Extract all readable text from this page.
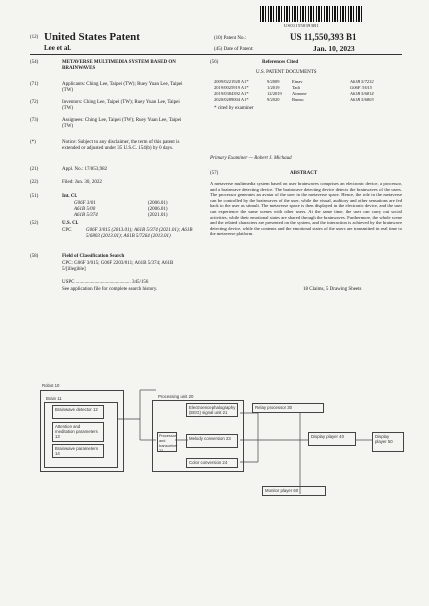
US011550393B1
(12) United States Patent
Lee et al.
(10) Patent No.:	US 11,550,393 B1
(45) Date of Patent:	Jan. 10, 2023
(54)	METAVERSE MULTIMEDIA SYSTEM BASED ON BRAINWAVES
(71)	Applicants: Ching Lee, Taipei (TW); Ruey Yuan Lee, Taipei (TW)
(72)	Inventors: Ching Lee, Taipei (TW); Ruey Yuan Lee, Taipei (TW)
(73)	Assignees: Ching Lee, Taipei (TW); Ruey Yuan Lee, Taipei (TW)
(*)	Notice: Subject to any disclaimer, the term of this patent is extended or adjusted under 35 U.S.C. 154(b) by 0 days.
(21)	Appl. No.: 17/853,982
(22)	Filed: Jun. 30, 2022
(51)	Int. Cl.
G06F 3/01	(2006.01)
A61B 5/00	(2006.01)
A61B 5/374	(2021.01)
(52)	U.S. Cl.
CPC	G06F 3/015 (2013.01); A61B 5/374 (2021.01); A61B 5/6803 (2013.01); A61B 5/7264 (2013.01)
(58)	Field of Classification Search
CPC: G06F 3/015; G06F 2203/011; A61B 5/374; A61B 5/[illegible]
USPC ............................................ 345/156
See application file for complete search history.
(56)	References Cited
U.S. PATENT DOCUMENTS
2009/0221928 A1*	9/2009	Einav	A61B 5/7232
2019/0025919 A1*	1/2019	Tadi	G06F 3/015
2019/0384392 A1*	12/2019 Aimone	A61B 5/6814
2020/0289004 A1*	9/2020	Bunsu	A61B 5/6803
* cited by examiner
Primary Examiner — Robert J. Michaud
(57)	ABSTRACT
A metaverse multimedia system based on user brainwaves comprises an electronic device, a processor, and a brainwave detecting device. The brainwave detecting device detects the brainwaves of the users. The processor generates an avatar of the user in the metaverse space. Hence, the role in the metaverse can be controlled by the brainwaves of the user, while the visual, auditory and other sensations are fed back to the user as stimuli. The metaverse space is then displayed in the electronic device, and the user can experience the same scenes with other users. At the same time, the user can carry out social activities, while their emotional states are shared through the brainwaves. Furthermore, the whole scene and the related characters are presented on the system, and the interaction is achieved by the brainwave detecting device, while the contents and the emotional states of the users are transmitted in real time to the metaverse platform.
18 Claims, 5 Drawing Sheets
Robot 10
Brain 11
Brainwave detector 12
Attention and meditation parameters 13
Brainwave parameters 14
Processing unit 20
Electroencephalography (EEG) signal unit 21
Processor and transceiver 22
Melody conversion 23
Color conversion 24
Relay processor 30
Display player 40	Display player 50
Monitor player 60
